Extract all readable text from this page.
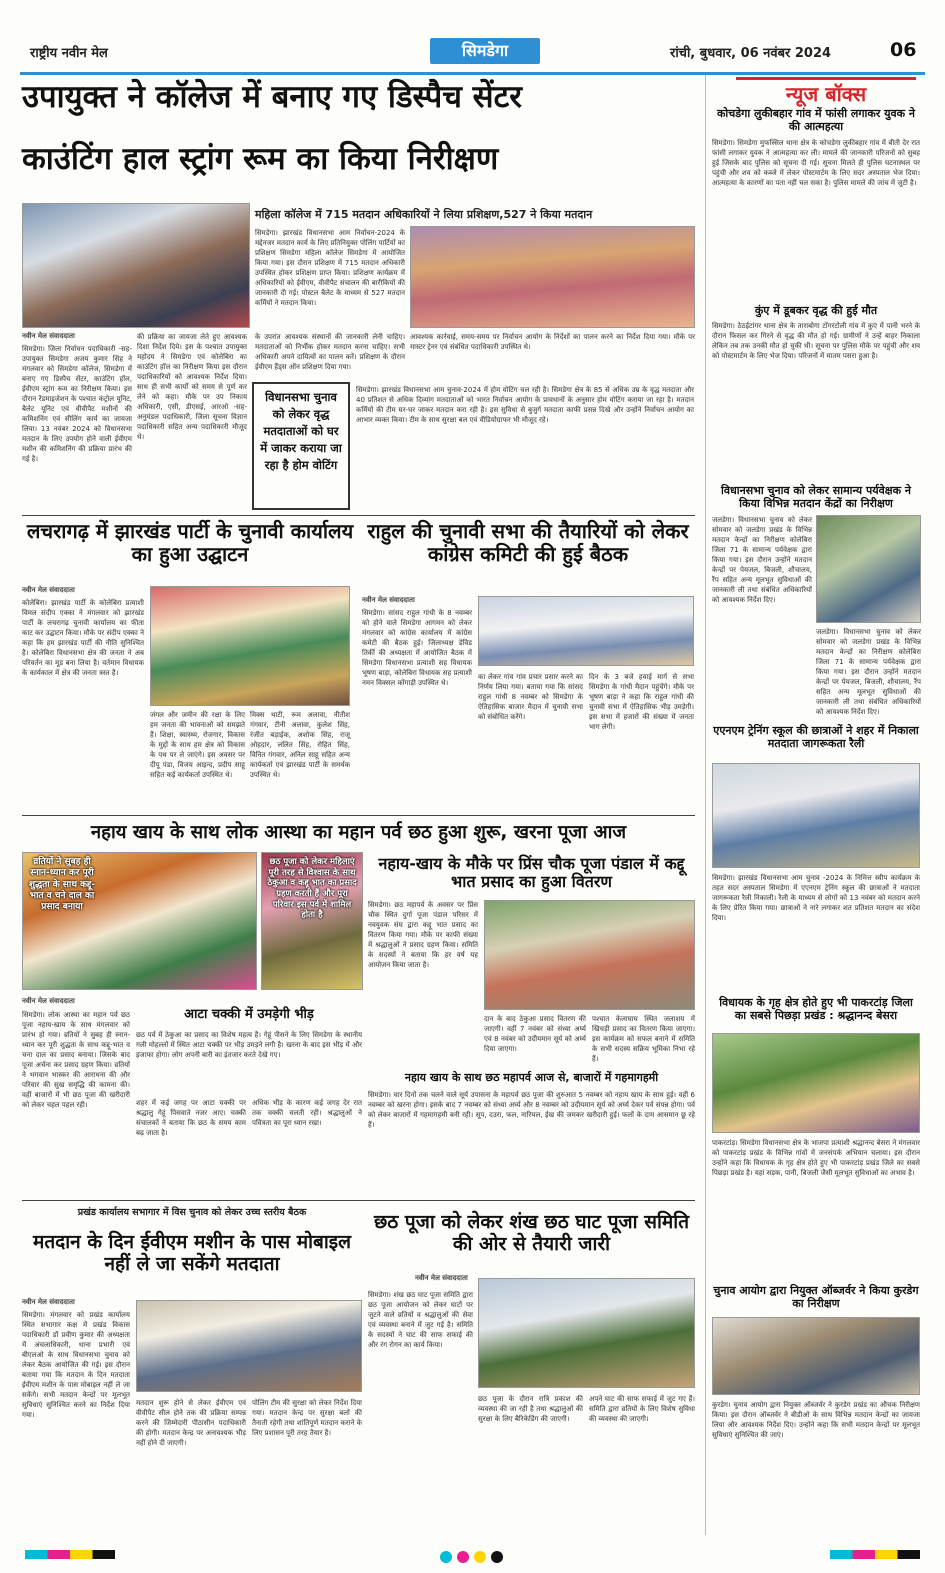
राष्ट्रीय नवीन मेल	सिमडेगा	रांची, बुधवार, 06 नवंबर 2024	06
उपायुक्त ने कॉलेज में बनाए गए डिस्पैच सेंटर
काउंटिंग हाल स्ट्रांग रूम का किया निरीक्षण
महिला कॉलेज में 715 मतदान अधिकारियों ने लिया प्रशिक्षण,527 ने किया मतदान
सिमडेगा। झारखंड विधानसभा आम निर्वाचन-2024 के मद्देनजर मतदान कार्य के लिए प्रतिनियुक्त पोलिंग पार्टियों का प्रशिक्षण सिमडेगा महिला कॉलेज सिमडेगा में आयोजित किया गया। इस दौरान प्रशिक्षण में 715 मतदान अधिकारी उपस्थित होकर प्रशिक्षण प्राप्त किया। प्रशिक्षण कार्यक्रम में अधिकारियों को ईवीएम, वीवीपैट संचालन की बारीकियों की जानकारी दी गई। पोस्टल बैलेट के माध्यम से 527 मतदान कर्मियों ने मतदान किया।
नवीन मेल संवाददाता
सिमडेगा। जिला निर्वाचन पदाधिकारी -सह-उपायुक्त सिमडेगा अजय कुमार सिंह ने मंगलवार को सिमडेगा कॉलेज, सिमडेगा में बनाए गए डिस्पैच सेंटर, काउंटिंग हॉल, ईवीएम स्ट्रांग रूम का निरीक्षण किया। इस दौरान रेंडमाइजेशन के पश्चात कंट्रोल यूनिट, बैलेट यूनिट एवं वीवीपैट मशीनों की कमिशनिंग एवं सीलिंग कार्य का जायजा लिया। 13 नवंबर 2024 को विधानसभा मतदान के लिए उपयोग होने वाली ईवीएम मशीन की कमिशनिंग की प्रक्रिया प्रारंभ की गई है।
की प्रक्रिया का जायजा लेते हुए आवश्यक दिशा निर्देश दिये। इस के पश्चात उपायुक्त महोदय ने सिमडेगा एवं कोलेबिरा का काउंटिंग हॉल का निरीक्षण किया इस दौरान पदाधिकारियों को आवश्यक निर्देश दिया। साथ ही सभी कार्यों को समय से पूर्ण कर लेने को कहा। मौके पर उप निकाय अधिकारी, एसी, डीएसई, आरओ -सह- अनुमंडल पदाधिकारी, जिला सूचना विज्ञान पदाधिकारी सहित अन्य पदाधिकारी मौजूद थे।
के उपरांत आवश्यक संस्थानों की जानकारी लेनी चाहिए। मतदाताओं को निर्भीक होकर मतदान करना चाहिए। सभी अधिकारी अपने दायित्वों का पालन करें। प्रशिक्षण के दौरान ईवीएम हैंड्स ऑन प्रशिक्षण दिया गया।
आवश्यक कार्रवाई, समय-समय पर निर्वाचन आयोग के निर्देशों का पालन करने का निर्देश दिया गया। मौके पर मास्टर ट्रेनर एवं संबंधित पदाधिकारी उपस्थित थे।
विधानसभा चुनाव को लेकर वृद्ध मतदाताओं को घर में जाकर कराया जा रहा है होम वोटिंग
सिमडेगा। झारखंड विधानसभा आम चुनाव-2024 में होम वोटिंग चल रही है। सिमडेगा क्षेत्र के 85 से अधिक उम्र के वृद्ध मतदाता और 40 प्रतिशत से अधिक दिव्यांग मतदाताओं को भारत निर्वाचन आयोग के प्रावधानों के अनुसार होम वोटिंग कराया जा रहा है। मतदान कर्मियों की टीम घर-घर जाकर मतदान करा रही है। इस सुविधा से बुजुर्ग मतदाता काफी प्रसन्न दिखे और उन्होंने निर्वाचन आयोग का आभार व्यक्त किया। टीम के साथ सुरक्षा बल एवं वीडियोग्राफर भी मौजूद रहे।
न्यूज बॉक्स
कोचडेगा लुकीबहार गांव में फांसी लगाकर युवक ने की आत्महत्या
सिमडेगा। सिमडेगा मुफस्सिल थाना क्षेत्र के कोचडेगा लुकीबहार गांव में बीती देर रात फांसी लगाकर युवक ने आत्महत्या कर ली। मामले की जानकारी परिजनों को सुबह हुई जिसके बाद पुलिस को सूचना दी गई। सूचना मिलते ही पुलिस घटनास्थल पर पहुंची और शव को कब्जे में लेकर पोस्टमार्टम के लिए सदर अस्पताल भेज दिया। आत्महत्या के कारणों का पता नहीं चल सका है। पुलिस मामले की जांच में जुटी है।
कुंए में डूबकर वृद्ध की हुई मौत
सिमडेगा। ठेठईटांगर थाना क्षेत्र के ताराबोगा टोंगरटोली गांव में कुएं में पानी भरने के दौरान फिसल कर गिरने से वृद्ध की मौत हो गई। ग्रामीणों ने उन्हें बाहर निकाला लेकिन तब तक उनकी मौत हो चुकी थी। सूचना पर पुलिस मौके पर पहुंची और शव को पोस्टमार्टम के लिए भेज दिया। परिजनों में मातम पसरा हुआ है।
विधानसभा चुनाव को लेकर सामान्य पर्यवेक्षक ने किया विभिन्न मतदान केंद्रों का निरीक्षण
जलडेगा। विधानसभा चुनाव को लेकर सोमवार को जलडेगा प्रखंड के विभिन्न मतदान केन्द्रों का निरीक्षण कोलेबिरा जिला 71 के सामान्य पर्यवेक्षक द्वारा किया गया। इस दौरान उन्होंने मतदान केन्द्रों पर पेयजल, बिजली, शौचालय, रैंप सहित अन्य मूलभूत सुविधाओं की जानकारी ली तथा संबंधित अधिकारियों को आवश्यक निर्देश दिए।
जलडेगा। विधानसभा चुनाव को लेकर सोमवार को जलडेगा प्रखंड के विभिन्न मतदान केन्द्रों का निरीक्षण कोलेबिरा जिला 71 के सामान्य पर्यवेक्षक द्वारा किया गया। इस दौरान उन्होंने मतदान केन्द्रों पर पेयजल, बिजली, शौचालय, रैंप सहित अन्य मूलभूत सुविधाओं की जानकारी ली तथा संबंधित अधिकारियों को आवश्यक निर्देश दिए।
एएनएम ट्रेनिंग स्कूल की छात्राओं ने शहर में निकाला मतदाता जागरूकता रैली
सिमडेगा। झारखंड विधानसभा आम चुनाव -2024 के निमित्त स्वीप कार्यक्रम के तहत सदर अस्पताल सिमडेगा में एएनएम ट्रेनिंग स्कूल की छात्राओं ने मतदाता जागरूकता रैली निकाली। रैली के माध्यम से लोगों को 13 नवंबर को मतदान करने के लिए प्रेरित किया गया। छात्राओं ने नारे लगाकर शत प्रतिशत मतदान का संदेश दिया।
विधायक के गृह क्षेत्र होते हुए भी पाकरटांड़ जिला का सबसे पिछड़ा प्रखंड : श्रद्धानन्द बेसरा
पाकरटांड़। सिमडेगा विधानसभा क्षेत्र के भाजपा प्रत्याशी श्रद्धानन्द बेसरा ने मंगलवार को पाकरटांड़ प्रखंड के विभिन्न गांवों में जनसंपर्क अभियान चलाया। इस दौरान उन्होंने कहा कि विधायक के गृह क्षेत्र होते हुए भी पाकरटांड़ प्रखंड जिले का सबसे पिछड़ा प्रखंड है। यहां सड़क, पानी, बिजली जैसी मूलभूत सुविधाओं का अभाव है।
चुनाव आयोग द्वारा नियुक्त ऑब्जर्वर ने किया कुरडेग का निरीक्षण
कुरडेग। चुनाव आयोग द्वारा नियुक्त ऑब्जर्वर ने कुरडेग प्रखंड का औचक निरीक्षण किया। इस दौरान ऑब्जर्वर ने बीडीओ के साथ विभिन्न मतदान केन्द्रों का जायजा लिया और आवश्यक निर्देश दिए। उन्होंने कहा कि सभी मतदान केन्द्रों पर मूलभूत सुविधाएं सुनिश्चित की जाएं।
लचरागढ़ में झारखंड पार्टी के चुनावी कार्यालय का हुआ उद्घाटन
नवीन मेल संवाददाता
कोलेबिरा। झारखंड पार्टी के कोलेबिरा प्रत्याशी विमल संदीप एक्का ने मंगलवार को झारखंड पार्टी के लचरागढ़ चुनावी कार्यालय का फीता काट कर उद्घाटन किया। मौके पर संदीप एक्का ने कहा कि हम झारखंड पार्टी की नीति सुनिश्चित है। कोलेबिरा विधानसभा क्षेत्र की जनता ने अब परिवर्तन का मूड बना लिया है। वर्तमान विधायक के कार्यकाल में क्षेत्र की जनता त्रस्त है।
जंगल और जमीन की रक्षा के लिए हम जनता की भावनाओं को समझते हैं। शिक्षा, स्वास्थ्य, रोजगार, विकास के मुद्दों के साथ हम क्षेत्र को विकास के पथ पर ले जाएंगे। इस अवसर पर दीपू पंडा, विजय आइन्द, प्रदीप साहू सहित कई कार्यकर्ता उपस्थित थे।
मिक्स थाटी, रूम अलावा, नीतीश गंगवार, टीनी अलावा, कुलेश सिंह, रंजीत बड़ाईक, अशोक सिंह, राजू ओहदार, ललित सिंह, रोहित सिंह, विनित गंगवार, अनिल साहू सहित अन्य कार्यकर्ता एवं झारखंड पार्टी के समर्थक उपस्थित थे।
राहुल की चुनावी सभा की तैयारियों को लेकर कांग्रेस कमिटी की हुई बैठक
नवीन मेल संवाददाता
सिमडेगा। सांसद राहुल गांधी के 8 नवम्बर को होने वाले सिमडेगा आगमन को लेकर मंगलवार को कांग्रेस कार्यालय में कांग्रेस कमेटी की बैठक हुई। जिलाध्यक्ष डेविड तिर्की की अध्यक्षता में आयोजित बैठक में सिमडेगा विधानसभा प्रत्याशी सह विधायक भूषण बाड़ा, कोलेबिरा विधायक सह प्रत्याशी नमन विक्सल कोंगाड़ी उपस्थित थे।
का लेकर गांव गांव प्रचार प्रसार करने का निर्णय लिया गया। बताया गया कि सांसद राहुल गांधी 8 नवम्बर को सिमडेगा के ऐतिहासिक बाजार मैदान में चुनावी सभा को संबोधित करेंगे।
दिन के 3 बजे हवाई मार्ग से सभा सिमडेगा के गांधी मैदान पहुंचेंगे। मौके पर भूषण बाड़ा ने कहा कि राहुल गांधी की चुनावी सभा में ऐतिहासिक भीड़ उमड़ेगी। इस सभा में हजारों की संख्या में जनता भाग लेगी।
नहाय खाय के साथ लोक आस्था का महान पर्व छठ हुआ शुरू, खरना पूजा आज
व्रतियों ने सुबह ही स्नान-ध्यान कर पूरी शुद्धता के साथ कद्दू-भात व चने दाल का प्रसाद बनाया
छठ पूजा को लेकर महिलाएं पूरी तरह से विश्वास के साथ ठेकुआ व कद्दू भात का प्रसाद ग्रहण करती हैं और पूरा परिवार इस पर्व में शामिल होता है
नहाय-खाय के मौके पर प्रिंस चौक पूजा पंडाल में कद्दू भात प्रसाद का हुआ वितरण
नवीन मेल संवाददाता
सिमडेगा। लोक आस्था का महान पर्व छठ पूजा नहाय-खाय के साथ मंगलवार को प्रारंभ हो गया। व्रतियों ने सुबह ही स्नान-ध्यान कर पूरी शुद्धता के साथ कद्दू-भात व चना दाल का प्रसाद बनाया। जिसके बाद पूजा अर्चना कर प्रसाद ग्रहण किया। व्रतियों ने भगवान भास्कर की आराधना की और परिवार की सुख समृद्धि की कामना की। वहीं बाजारों में भी छठ पूजा की खरीदारी को लेकर चहल पहल रही।
आटा चक्की में उमड़ेगी भीड़
छठ पर्व में ठेकुआ का प्रसाद का विशेष महत्व है। गेहूं पीसने के लिए सिमडेगा के स्थानीय गली मोहल्लों में स्थित आटा चक्की पर भीड़ उमड़ने लगी है। खरना के बाद इस भीड़ में और इजाफा होगा। लोग अपनी बारी का इंतजार करते देखे गए।
शहर में कई जगह पर आटा चक्की पर श्रद्धालु गेहूं पिसवाते नजर आए। चक्की संचालकों ने बताया कि छठ के समय काम बढ़ जाता है।
अधिक भीड़ के कारण कई जगह देर रात तक चक्की चलती रही। श्रद्धालुओं ने पवित्रता का पूरा ध्यान रखा।
सिमडेगा। छठ महापर्व के अवसर पर प्रिंस चौक स्थित दुर्गा पूजा पंडाल परिसर में नवयुवक संघ द्वारा कद्दू भात प्रसाद का वितरण किया गया। मौके पर काफी संख्या में श्रद्धालुओं ने प्रसाद ग्रहण किया। समिति के सदस्यों ने बताया कि हर वर्ष यह आयोजन किया जाता है।
दान के बाद ठेकुआ प्रसाद वितरण की जाएगी। वहीं 7 नवंबर को संध्या अर्घ्य एवं 8 नवंबर को उदीयमान सूर्य को अर्घ्य दिया जाएगा।
पश्चात केलाघाघ स्थित जलाशय में खिचड़ी प्रसाद का वितरण किया जाएगा। इस कार्यक्रम को सफल बनाने में समिति के सभी सदस्य सक्रिय भूमिका निभा रहे हैं।
नहाय खाय के साथ छठ महापर्व आज से, बाजारों में गहमागहमी
सिमडेगा। चार दिनों तक चलने वाले सूर्य उपासना के महापर्व छठ पूजा की शुरुआत 5 नवम्बर को नहाय खाय के साथ हुई। वहीं 6 नवम्बर को खरना होगा। इसके बाद 7 नवम्बर को संध्या अर्घ्य और 8 नवम्बर को उदीयमान सूर्य को अर्घ्य देकर पर्व संपन्न होगा। पर्व को लेकर बाजारों में गहमागहमी बनी रही। सूप, दउरा, फल, नारियल, ईख की जमकर खरीदारी हुई। फलों के दाम आसमान छू रहे हैं।
प्रखंड कार्यालय सभागार में विस चुनाव को लेकर उच्च स्तरीय बैठक
मतदान के दिन ईवीएम मशीन के पास मोबाइल नहीं ले जा सकेंगे मतदाता
नवीन मेल संवाददाता
सिमडेगा। मंगलवार को प्रखंड कार्यालय स्थित सभागार कक्ष में प्रखंड विकास पदाधिकारी डॉ प्रवीण कुमार की अध्यक्षता में अंचलाधिकारी, थाना प्रभारी एवं बीएलओ के साथ विधानसभा चुनाव को लेकर बैठक आयोजित की गई। इस दौरान बताया गया कि मतदान के दिन मतदाता ईवीएम मशीन के पास मोबाइल नहीं ले जा सकेंगे। सभी मतदान केन्द्रों पर मूलभूत सुविधाएं सुनिश्चित करने का निर्देश दिया गया।
मतदान शुरू होने से लेकर ईवीएम एवं वीवीपैट सील होने तक की प्रक्रिया सम्पन्न करने की जिम्मेदारी पीठासीन पदाधिकारी की होगी। मतदान केन्द्र पर अनावश्यक भीड़ नहीं होने दी जाएगी।
पोलिंग टीम की सुरक्षा को लेकर निर्देश दिया गया। मतदान केन्द्र पर सुरक्षा बलों की तैनाती रहेगी तथा शांतिपूर्ण मतदान कराने के लिए प्रशासन पूरी तरह तैयार है।
छठ पूजा को लेकर शंख छठ घाट पूजा समिति की ओर से तैयारी जारी
नवीन मेल संवाददाता
सिमडेगा। शंख छठ घाट पूजा समिति द्वारा छठ पूजा आयोजन को लेकर घाटों पर जुटने वाले व्रतियों व श्रद्धालुओं की सेवा एवं व्यवस्था बनाने में जुट गई है। समिति के सदस्यों ने घाट की साफ सफाई की और रंग रोगन का कार्य किया।
छठ पूजा के दौरान रात्रि प्रकाश की व्यवस्था की जा रही है तथा श्रद्धालुओं की सुरक्षा के लिए बैरिकेडिंग की जाएगी।
अपने घाट की साफ सफाई में जुट गए हैं। समिति द्वारा व्रतियों के लिए विशेष सुविधा की व्यवस्था की जाएगी।
